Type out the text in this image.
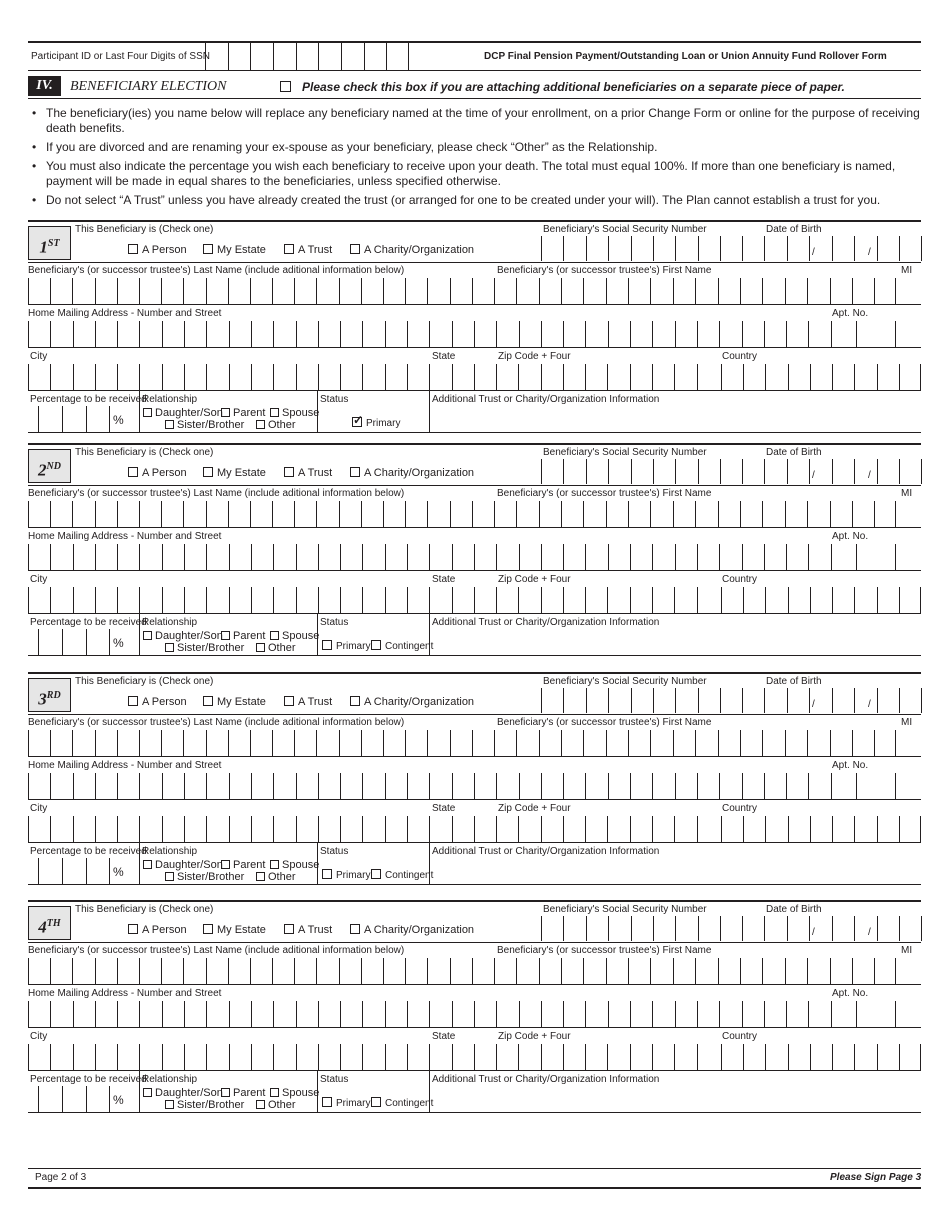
Participant ID or Last Four Digits of SSN	DCP Final Pension Payment/Outstanding Loan or Union Annuity Fund Rollover Form
IV.	BENEFICIARY ELECTION	Please check this box if you are attaching additional beneficiaries on a separate piece of paper.
• The beneficiary(ies) you name below will replace any beneficiary named at the time of your enrollment, on a prior Change Form or online for the purpose of receiving death benefits.
• If you are divorced and are renaming your ex-spouse as your beneficiary, please check “Other” as the Relationship.
• You must also indicate the percentage you wish each beneficiary to receive upon your death. The total must equal 100%. If more than one beneficiary is named, payment will be made in equal shares to the beneficiaries, unless specified otherwise.
• Do not select “A Trust” unless you have already created the trust (or arranged for one to be created under your will). The Plan cannot establish a trust for you.
1ST
This Beneficiary is (Check one)
A Person	My Estate	A Trust	A Charity/Organization
Beneficiary's Social Security Number	Date of Birth
/	/
Beneficiary's (or successor trustee's) Last Name (include aditional information below)	Beneficiary's (or successor trustee's) First Name	MI
Home Mailing Address - Number and Street	Apt. No.
City	State	Zip Code + Four	Country
Percentage to be received
%
Relationship
Daughter/Son Parent	Spouse
Sister/Brother	Other
Status
✓Primary
Additional Trust or Charity/Organization Information
2ND
This Beneficiary is (Check one)
A Person	My Estate	A Trust	A Charity/Organization
Beneficiary's Social Security Number	Date of Birth
/	/
Beneficiary's (or successor trustee's) Last Name (include aditional information below)	Beneficiary's (or successor trustee's) First Name	MI
Home Mailing Address - Number and Street	Apt. No.
City	State	Zip Code + Four	Country
Percentage to be received
%
Relationship
Daughter/Son Parent	Spouse
Sister/Brother	Other
Status
Primary	Contingent
Additional Trust or Charity/Organization Information
3RD
This Beneficiary is (Check one)
A Person	My Estate	A Trust	A Charity/Organization
Beneficiary's Social Security Number	Date of Birth
/	/
Beneficiary's (or successor trustee's) Last Name (include aditional information below)	Beneficiary's (or successor trustee's) First Name	MI
Home Mailing Address - Number and Street	Apt. No.
City	State	Zip Code + Four	Country
Percentage to be received
%
Relationship
Daughter/Son Parent	Spouse
Sister/Brother	Other
Status
Primary	Contingent
Additional Trust or Charity/Organization Information
4TH
This Beneficiary is (Check one)
A Person	My Estate	A Trust	A Charity/Organization
Beneficiary's Social Security Number	Date of Birth
/	/
Beneficiary's (or successor trustee's) Last Name (include aditional information below)	Beneficiary's (or successor trustee's) First Name	MI
Home Mailing Address - Number and Street	Apt. No.
City	State	Zip Code + Four	Country
Percentage to be received
%
Relationship
Daughter/Son Parent	Spouse
Sister/Brother	Other
Status
Primary	Contingent
Additional Trust or Charity/Organization Information
Page 2 of 3	Please Sign Page 3
